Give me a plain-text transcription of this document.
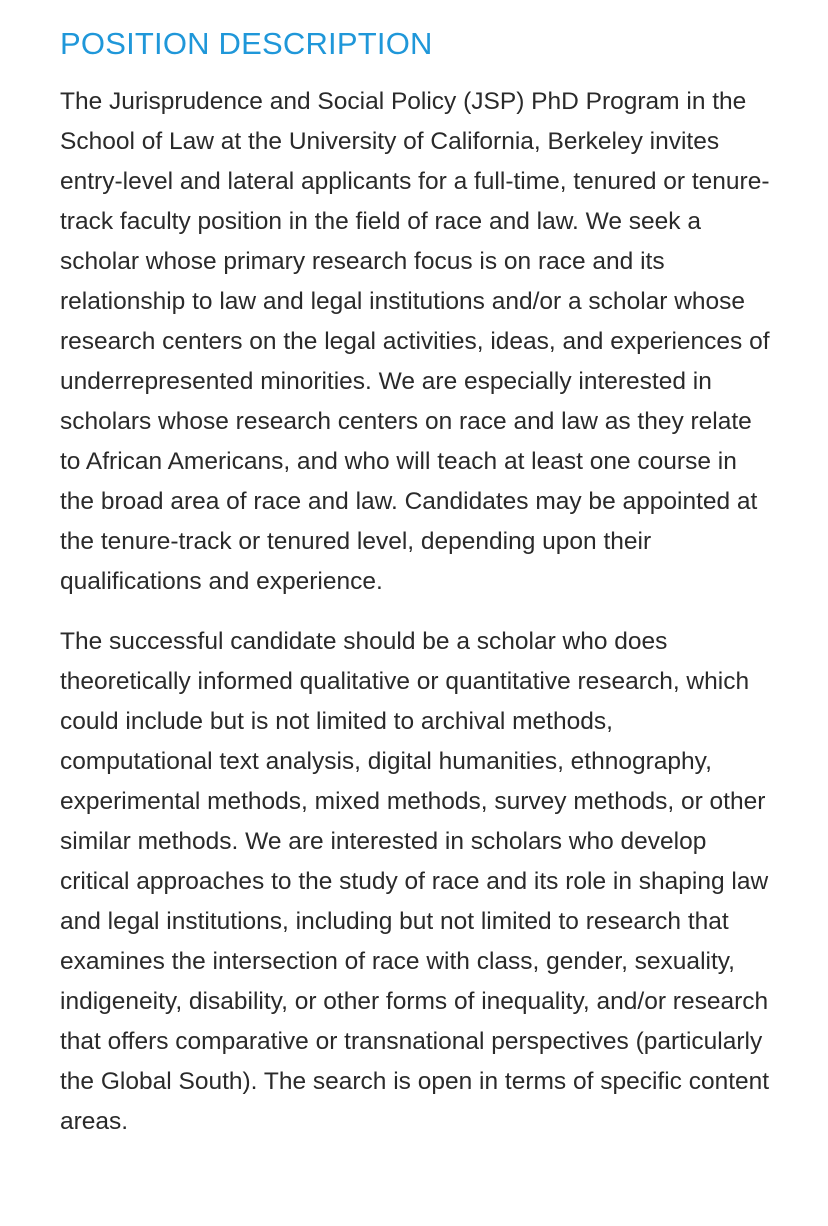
POSITION DESCRIPTION

The Jurisprudence and Social Policy (JSP) PhD Program in the School of Law at the University of California, Berkeley invites entry-level and lateral applicants for a full-time, tenured or tenure-track faculty position in the field of race and law. We seek a scholar whose primary research focus is on race and its relationship to law and legal institutions and/or a scholar whose research centers on the legal activities, ideas, and experiences of underrepresented minorities. We are especially interested in scholars whose research centers on race and law as they relate to African Americans, and who will teach at least one course in the broad area of race and law. Candidates may be appointed at the tenure-track or tenured level, depending upon their qualifications and experience.

The successful candidate should be a scholar who does theoretically informed qualitative or quantitative research, which could include but is not limited to archival methods, computational text analysis, digital humanities, ethnography, experimental methods, mixed methods, survey methods, or other similar methods. We are interested in scholars who develop critical approaches to the study of race and its role in shaping law and legal institutions, including but not limited to research that examines the intersection of race with class, gender, sexuality, indigeneity, disability, or other forms of inequality, and/or research that offers comparative or transnational perspectives (particularly the Global South). The search is open in terms of specific content areas.
